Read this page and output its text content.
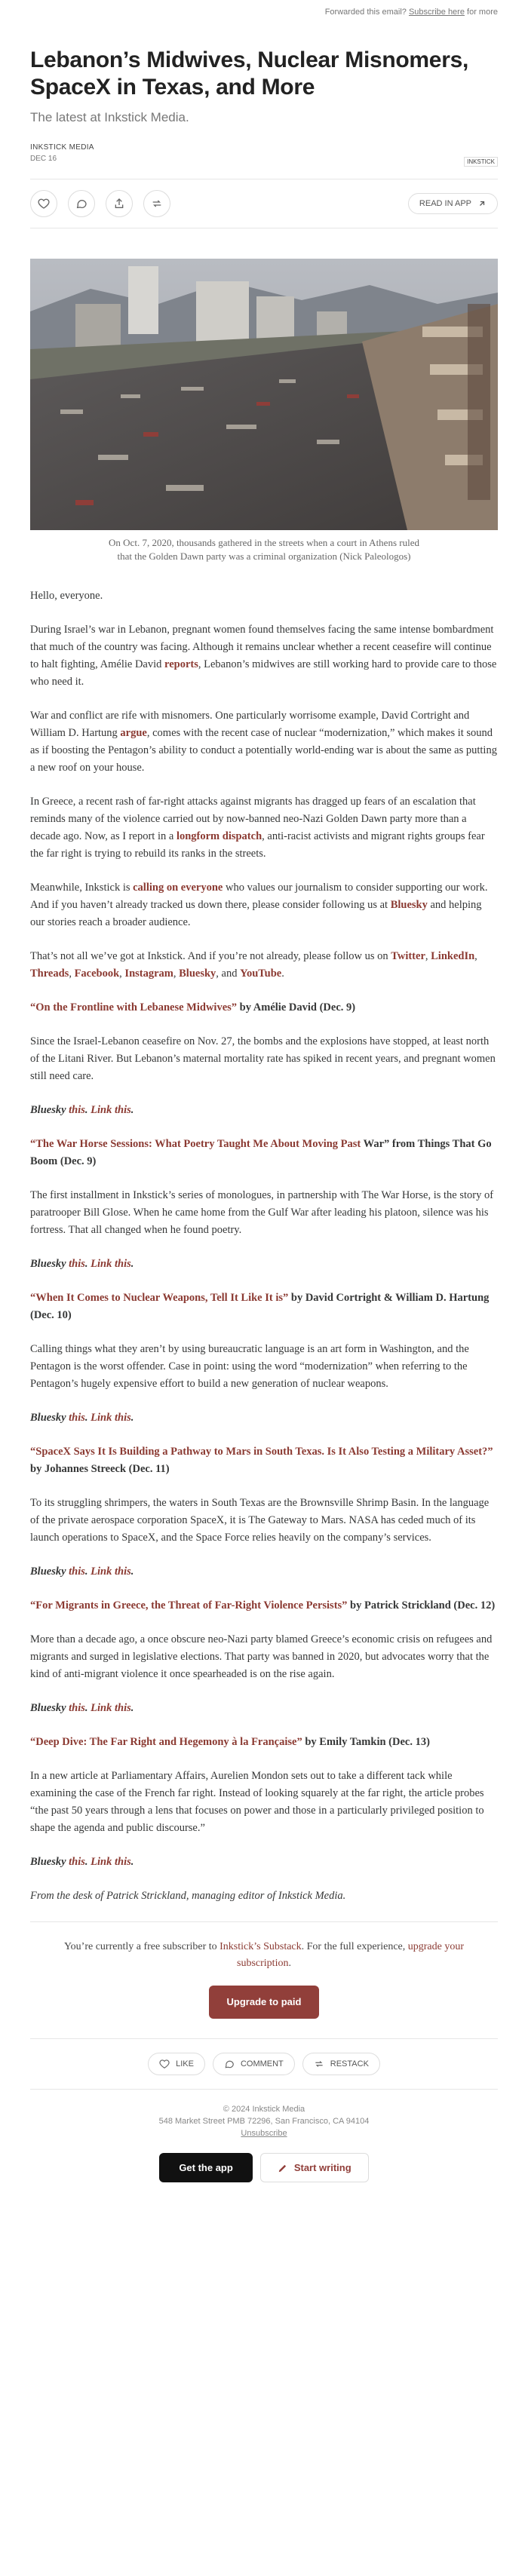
Forwarded this email? Subscribe here for more
Lebanon’s Midwives, Nuclear Misnomers, SpaceX in Texas, and More
The latest at Inkstick Media.
INKSTICK MEDIA
DEC 16	INKSTICK

READ IN APP
On Oct. 7, 2020, thousands gathered in the streets when a court in Athens ruled that the Golden Dawn party was a criminal organization (Nick Paleologos)

Hello, everyone.

During Israel’s war in Lebanon, pregnant women found themselves facing the same intense bombardment that much of the country was facing. Although it remains unclear whether a recent ceasefire will continue to halt fighting, Amélie David reports, Lebanon’s midwives are still working hard to provide care to those who need it.

War and conflict are rife with misnomers. One particularly worrisome example, David Cortright and William D. Hartung argue, comes with the recent case of nuclear “modernization,” which makes it sound as if boosting the Pentagon’s ability to conduct a potentially world-ending war is about the same as putting a new roof on your house.

In Greece, a recent rash of far-right attacks against migrants has dragged up fears of an escalation that reminds many of the violence carried out by now-banned neo-Nazi Golden Dawn party more than a decade ago. Now, as I report in a longform dispatch, anti-racist activists and migrant rights groups fear the far right is trying to rebuild its ranks in the streets.

Meanwhile, Inkstick is calling on everyone who values our journalism to consider supporting our work. And if you haven’t already tracked us down there, please consider following us at Bluesky and helping our stories reach a broader audience.

That’s not all we’ve got at Inkstick. And if you’re not already, please follow us on Twitter, LinkedIn, Threads, Facebook, Instagram, Bluesky, and YouTube.

“On the Frontline with Lebanese Midwives” by Amélie David (Dec. 9)

Since the Israel-Lebanon ceasefire on Nov. 27, the bombs and the explosions have stopped, at least north of the Litani River. But Lebanon’s maternal mortality rate has spiked in recent years, and pregnant women still need care.

Bluesky this. Link this.

“The War Horse Sessions: What Poetry Taught Me About Moving Past War” from Things That Go Boom (Dec. 9)

The first installment in Inkstick’s series of monologues, in partnership with The War Horse, is the story of paratrooper Bill Glose. When he came home from the Gulf War after leading his platoon, silence was his fortress. That all changed when he found poetry.

Bluesky this. Link this.

“When It Comes to Nuclear Weapons, Tell It Like It is” by David Cortright & William D. Hartung (Dec. 10)

Calling things what they aren’t by using bureaucratic language is an art form in Washington, and the Pentagon is the worst offender. Case in point: using the word “modernization” when referring to the Pentagon’s hugely expensive effort to build a new generation of nuclear weapons.

Bluesky this. Link this.

“SpaceX Says It Is Building a Pathway to Mars in South Texas. Is It Also Testing a Military Asset?” by Johannes Streeck (Dec. 11)

To its struggling shrimpers, the waters in South Texas are the Brownsville Shrimp Basin. In the language of the private aerospace corporation SpaceX, it is The Gateway to Mars. NASA has ceded much of its launch operations to SpaceX, and the Space Force relies heavily on the company’s services.

Bluesky this. Link this.

“For Migrants in Greece, the Threat of Far-Right Violence Persists” by Patrick Strickland (Dec. 12)

More than a decade ago, a once obscure neo-Nazi party blamed Greece’s economic crisis on refugees and migrants and surged in legislative elections. That party was banned in 2020, but advocates worry that the kind of anti-migrant violence it once spearheaded is on the rise again.

Bluesky this. Link this.

“Deep Dive: The Far Right and Hegemony à la Française” by Emily Tamkin (Dec. 13)

In a new article at Parliamentary Affairs, Aurelien Mondon sets out to take a different tack while examining the case of the French far right. Instead of looking squarely at the far right, the article probes “the past 50 years through a lens that focuses on power and those in a particularly privileged position to shape the agenda and public discourse.”

Bluesky this. Link this.

From the desk of Patrick Strickland, managing editor of Inkstick Media.

You’re currently a free subscriber to Inkstick’s Substack. For the full experience, upgrade your subscription.
Upgrade to paid
LIKE	COMMENT	RESTACK
© 2024 Inkstick Media
548 Market Street PMB 72296, San Francisco, CA 94104
Unsubscribe
Get the app	Start writing
